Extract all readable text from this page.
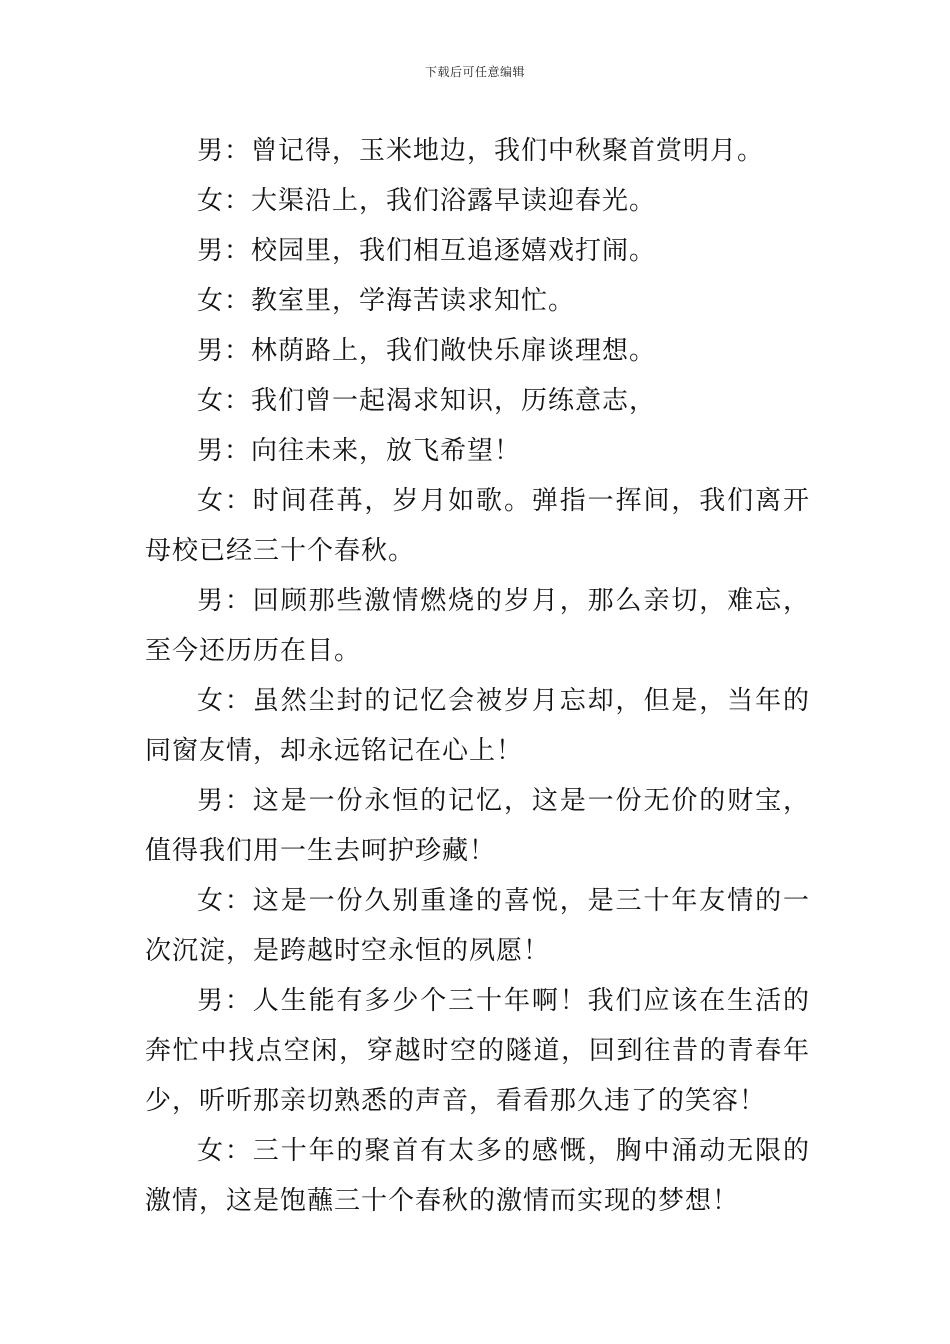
下载后可任意编辑

男：曾记得，玉米地边，我们中秋聚首赏明月。

女：大渠沿上，我们浴露早读迎春光。

男：校园里，我们相互追逐嬉戏打闹。

女：教室里，学海苦读求知忙。

男：林荫路上，我们敞快乐扉谈理想。

女：我们曾一起渴求知识，历练意志，

男：向往未来，放飞希望！

女：时间荏苒，岁月如歌。弹指一挥间，我们离开母校已经三十个春秋。

男：回顾那些激情燃烧的岁月，那么亲切，难忘，至今还历历在目。

女：虽然尘封的记忆会被岁月忘却，但是，当年的同窗友情，却永远铭记在心上！

男：这是一份永恒的记忆，这是一份无价的财宝，值得我们用一生去呵护珍藏！

女：这是一份久别重逢的喜悦，是三十年友情的一次沉淀，是跨越时空永恒的夙愿！

男：人生能有多少个三十年啊！我们应该在生活的奔忙中找点空闲，穿越时空的隧道，回到往昔的青春年少，听听那亲切熟悉的声音，看看那久违了的笑容！

女：三十年的聚首有太多的感慨，胸中涌动无限的激情，这是饱蘸三十个春秋的激情而实现的梦想！
